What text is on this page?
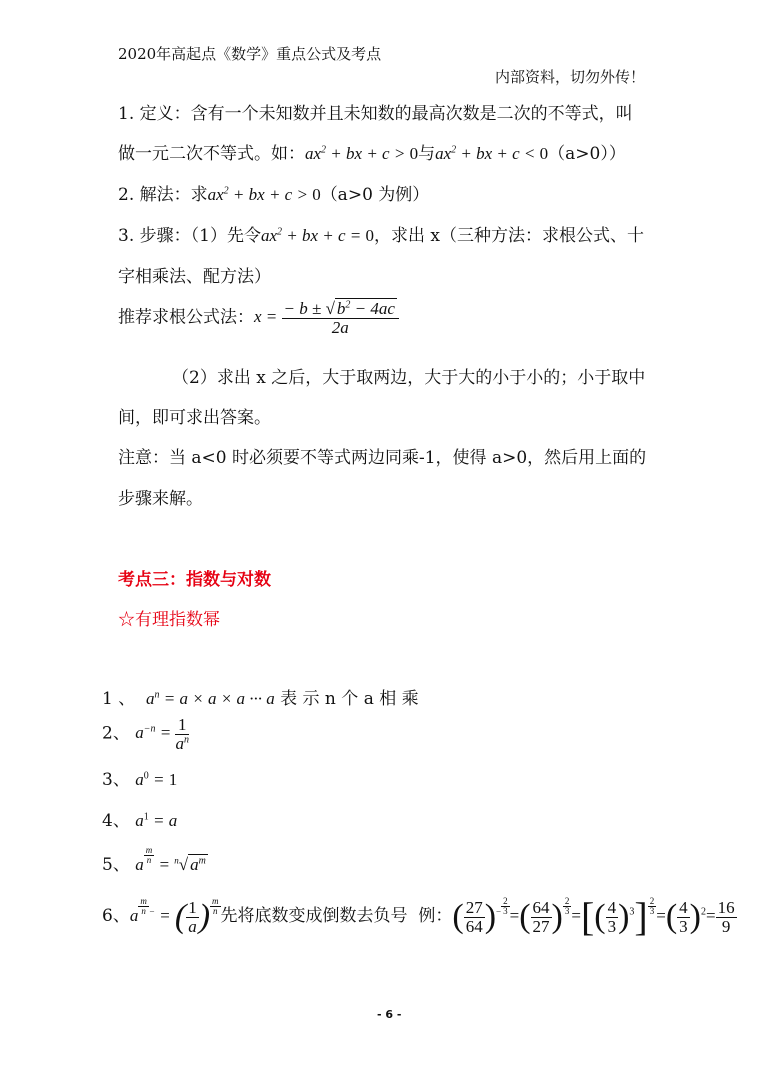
2020年高起点《数学》重点公式及考点
内部资料，切勿外传！
1. 定义：含有一个未知数并且未知数的最高次数是二次的不等式，叫
做一元二次不等式。如：$ax^2$ + bx + c > 0与$ax^2$ + bx + c < 0（a>0））
2. 解法：求$ax^2$ + bx + c > 0（a>0 为例）
3. 步骤：（1）先令$ax^2$ + bx + c = 0，求出 x（三种方法：求根公式、十
字相乘法、配方法）
推荐求根公式法：$x = \frac{- b \pm √ b^2 - 4ac}{2a}$
（2）求出 x 之后，大于取两边，大于大的小于小的；小于取中
间，即可求出答案。
注意：当 a<0 时必须要不等式两边同乘-1，使得 a>0，然后用上面的
步骤来解。
考点三：指数与对数
☆有理指数幂
1 、 $a^n = a \times a \times a$ ··· a 表 示 n 个 a 相 乘
2、 $a^{-n} = \frac{1}{a^n}$
3、 $a^0 = 1$
4、 $a^1 = a$
5、 a $\frac{m}{n} = ^n√$ $a^m$
6、a $\frac{m}{n} ^-$ = ( $\frac{1}{a}$ ) $\frac{m}{n}$ 先将底数变成倒数去负号 例：( $\frac{27}{64} )^- \frac{2}{3}$ =( $\frac{64}{27}$ ) $\frac{2}{3}$ =[( $\frac{4}{3} )^3] \frac{2}{3}$ =( $\frac{4}{3} )^2= \frac{16}{9}$
- 6 -
